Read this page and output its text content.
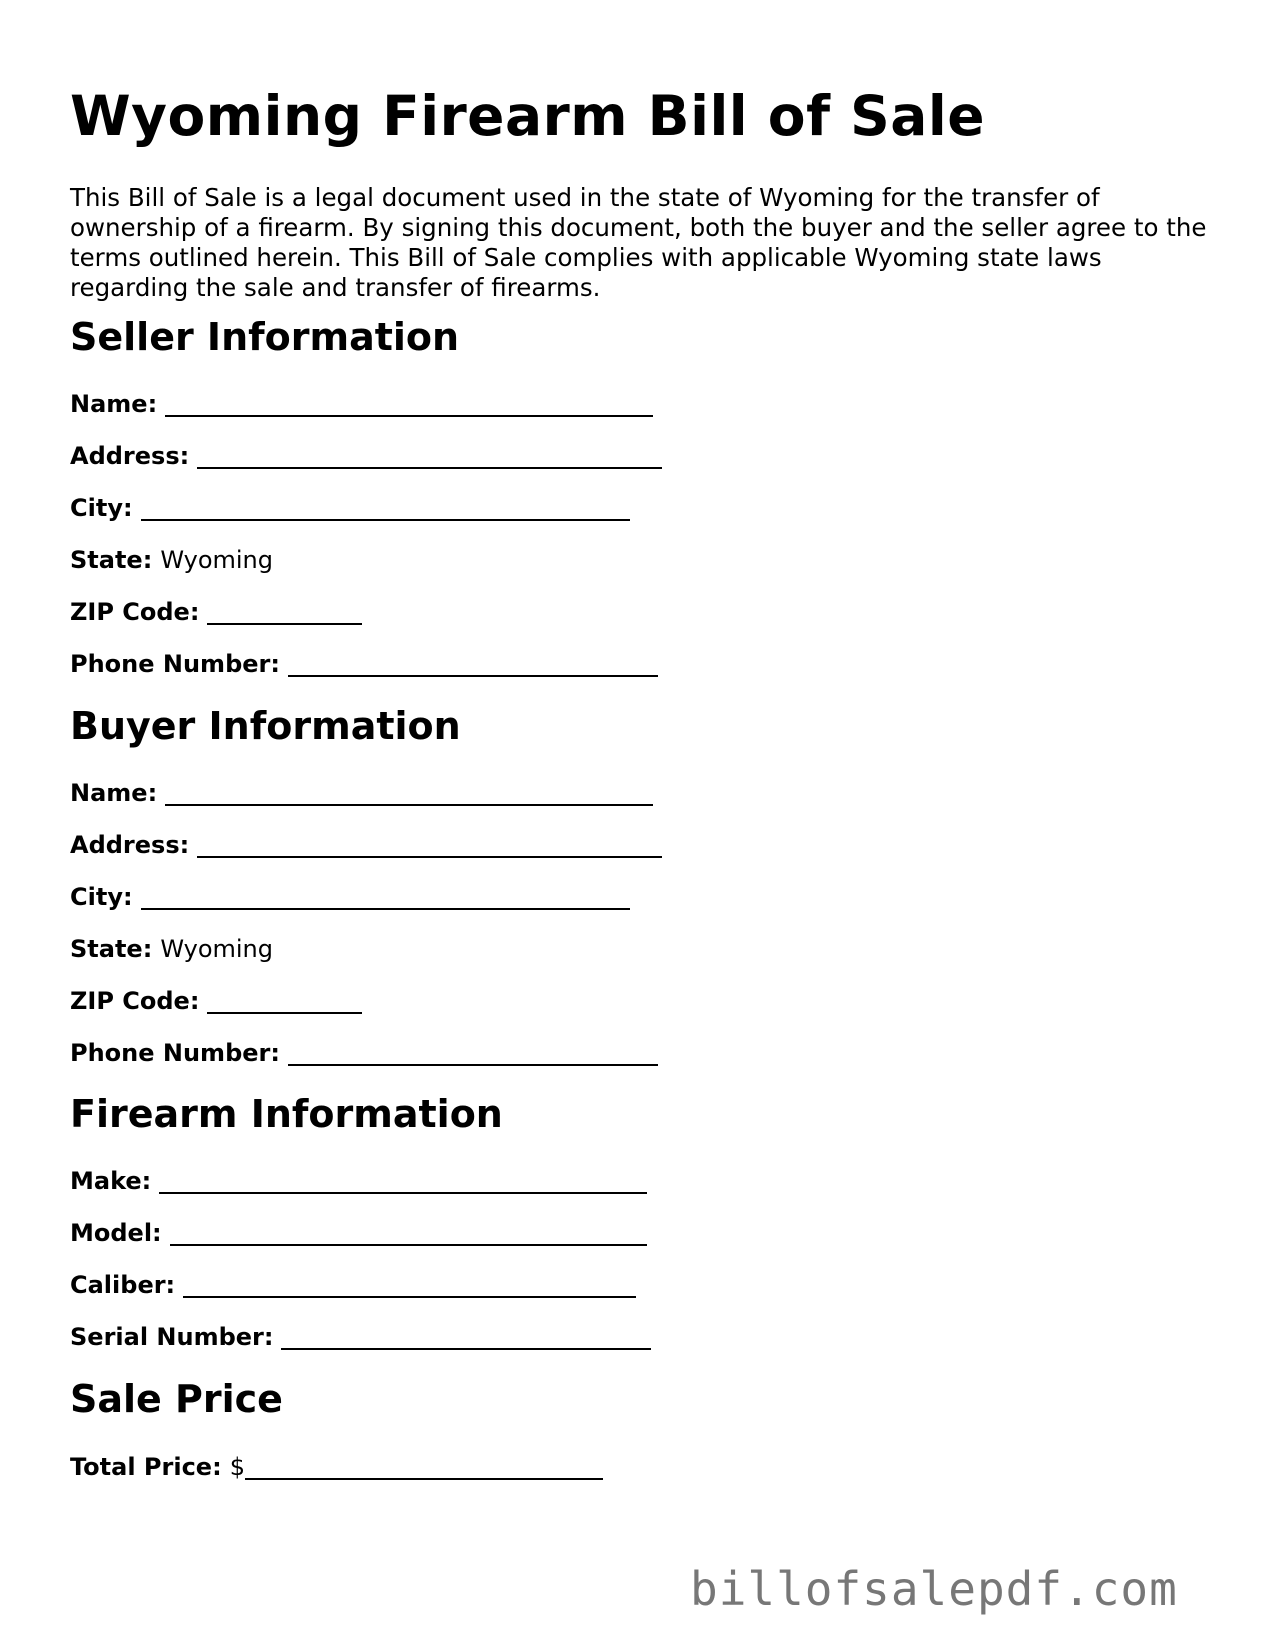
Wyoming Firearm Bill of Sale

This Bill of Sale is a legal document used in the state of Wyoming for the transfer of ownership of a firearm. By signing this document, both the buyer and the seller agree to the terms outlined herein. This Bill of Sale complies with applicable Wyoming state laws regarding the sale and transfer of firearms.

Seller Information
Name:
Address:
City:
State: Wyoming
ZIP Code:
Phone Number:
Buyer Information
Name:
Address:
City:
State: Wyoming
ZIP Code:
Phone Number:
Firearm Information
Make:
Model:
Caliber:
Serial Number:
Sale Price
Total Price: $
billofsalepdf.com
